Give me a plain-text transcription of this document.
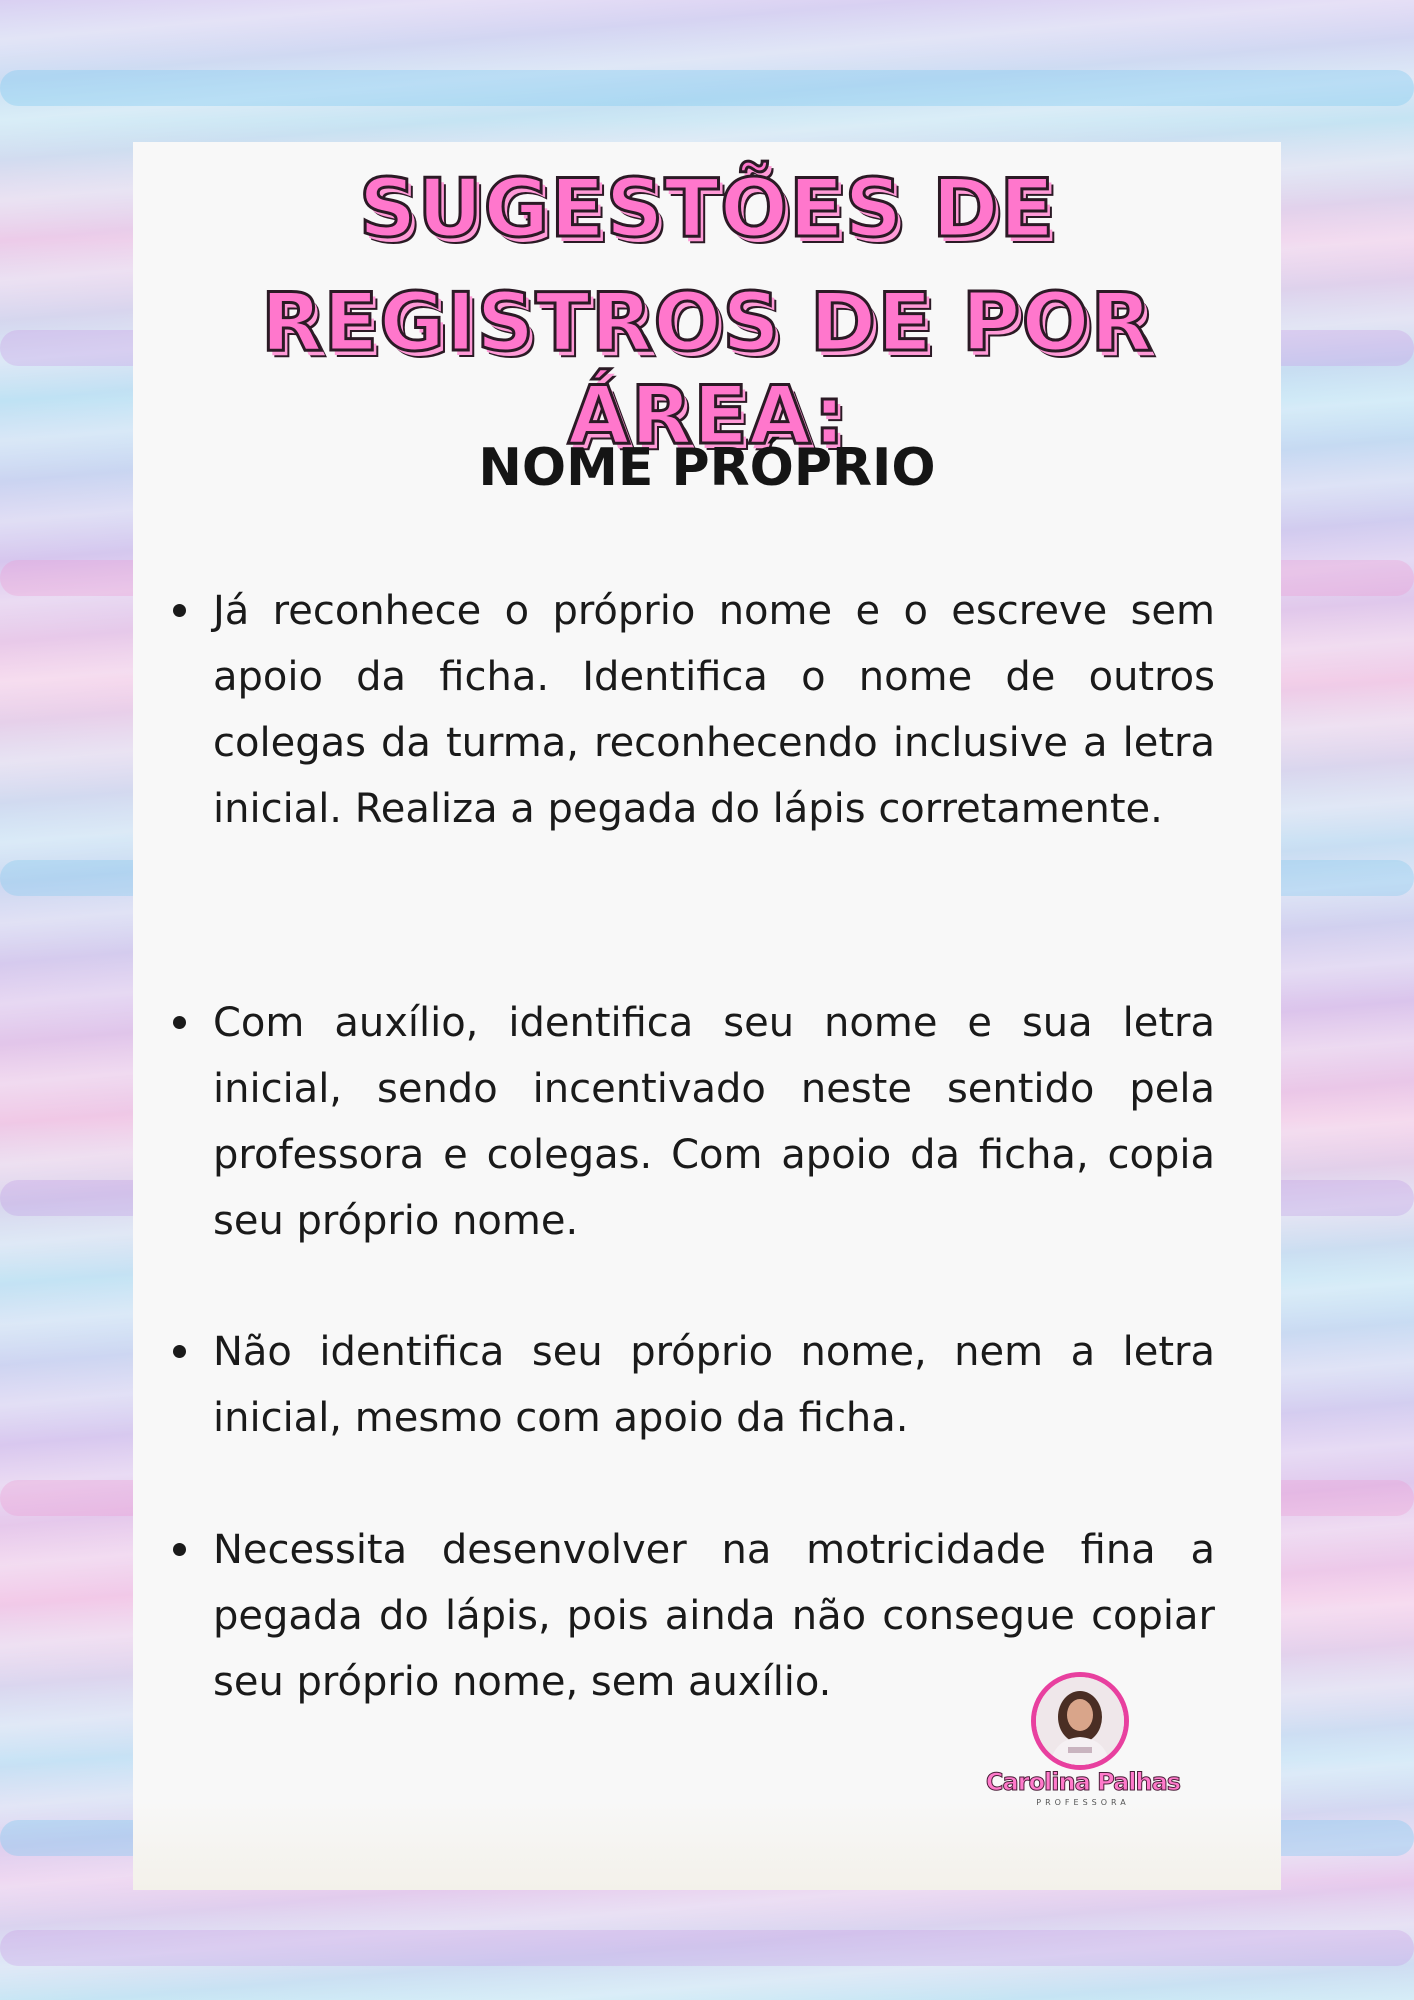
SUGESTÕES DE
REGISTROS DE POR ÁREA:
NOME PRÓPRIO
Já reconhece o próprio nome e o escreve sem apoio da ficha. Identifica o nome de outros colegas da turma, reconhecendo inclusive a letra inicial. Realiza a pegada do lápis corretamente.
Com auxílio, identifica seu nome e sua letra inicial, sendo incentivado neste sentido pela professora e colegas. Com apoio da ficha, copia seu próprio nome.
Não identifica seu próprio nome, nem a letra inicial, mesmo com apoio da ficha.
Necessita desenvolver na motricidade fina a pegada do lápis, pois ainda não consegue copiar seu próprio nome, sem auxílio.
Carolina Palhas
PROFESSORA
